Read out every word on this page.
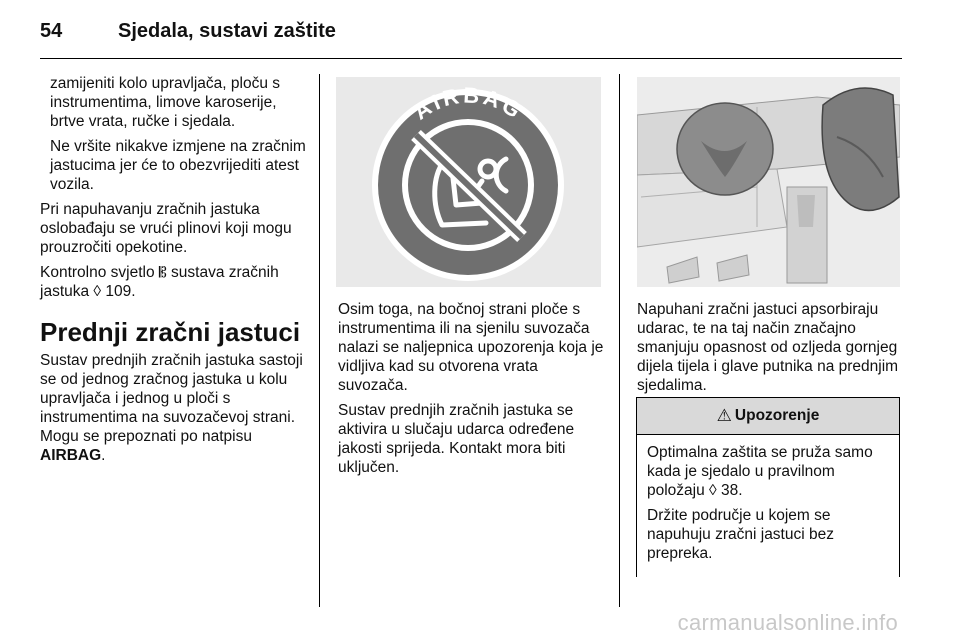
54	Sjedala, sustavi zaštite

zamijeniti kolo upravljača, ploču s instrumentima, limove karoserije, brtve vrata, ručke i sjedala.

Ne vršite nikakve izmjene na zračnim jastucima jer će to obezvrijediti atest vozila.

Pri napuhavanju zračnih jastuka oslobađaju se vrući plinovi koji mogu prouzročiti opekotine.

Kontrolno svjetlo 𝄡 sustava zračnih jastuka ◊ 109.

Prednji zračni jastuci

Sustav prednjih zračnih jastuka sastoji se od jednog zračnog jastuka u kolu upravljača i jednog u ploči s instrumentima na suvozačevoj strani. Mogu se prepoznati po natpisu AIRBAG.

AIRBAG

Osim toga, na bočnoj strani ploče s instrumentima ili na sjenilu suvozača nalazi se naljepnica upozorenja koja je vidljiva kad su otvorena vrata suvozača.

Sustav prednjih zračnih jastuka se aktivira u slučaju udarca određene jakosti sprijeda. Kontakt mora biti uključen.

Napuhani zračni jastuci apsorbiraju udarac, te na taj način značajno smanjuju opasnost od ozljeda gornjeg dijela tijela i glave putnika na prednjim sjedalima.

⚠ Upozorenje

Optimalna zaštita se pruža samo kada je sjedalo u pravilnom položaju ◊ 38.

Držite područje u kojem se napuhuju zračni jastuci bez prepreka.

carmanualsonline.info
